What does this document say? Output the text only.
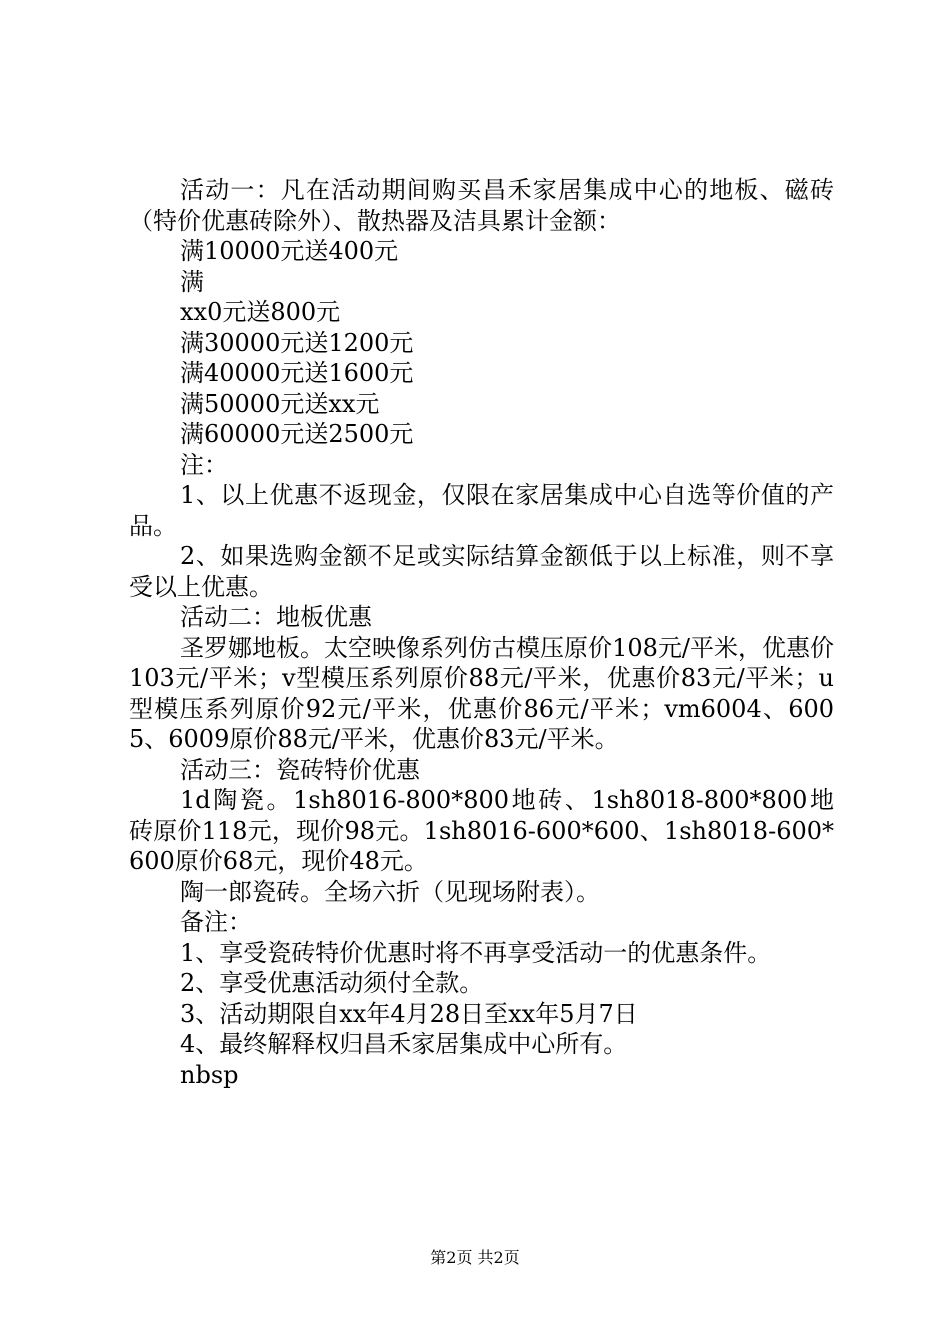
活动一：凡在活动期间购买昌禾家居集成中心的地板、磁砖（特价优惠砖除外）、散热器及洁具累计金额：

满10000元送400元

满

xx0元送800元

满30000元送1200元

满40000元送1600元

满50000元送xx元

满60000元送2500元

注：

1、以上优惠不返现金，仅限在家居集成中心自选等价值的产品。

2、如果选购金额不足或实际结算金额低于以上标准，则不享受以上优惠。

活动二：地板优惠

圣罗娜地板。太空映像系列仿古模压原价108元/平米，优惠价103元/平米；v型模压系列原价88元/平米，优惠价83元/平米；u型模压系列原价92元/平米，优惠价86元/平米；vm6004、6005、6009原价88元/平米，优惠价83元/平米。

活动三：瓷砖特价优惠

1d陶瓷。1sh8016-800*800地砖、1sh8018-800*800地砖原价118元，现价98元。1sh8016-600*600、1sh8018-600*600原价68元，现价48元。

陶一郎瓷砖。全场六折（见现场附表）。

备注：

1、享受瓷砖特价优惠时将不再享受活动一的优惠条件。

2、享受优惠活动须付全款。

3、活动期限自xx年4月28日至xx年5月7日

4、最终解释权归昌禾家居集成中心所有。

nbsp

第2页 共2页
